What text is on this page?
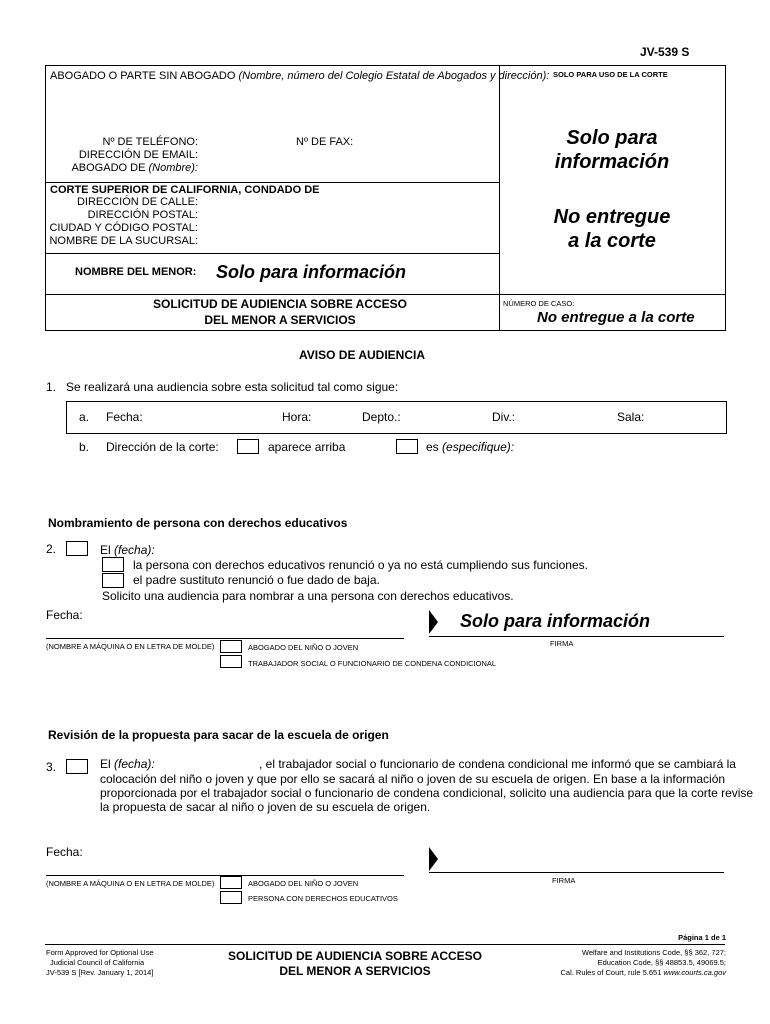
JV-539 S
ABOGADO O PARTE SIN ABOGADO (Nombre, número del Colegio Estatal de Abogados y dirección): SOLO PARA USO DE LA CORTE
Nº DE TELÉFONO:	Nº DE FAX:
DIRECCIÓN DE EMAIL:
ABOGADO DE (Nombre):
Solo para
información
CORTE SUPERIOR DE CALIFORNIA, CONDADO DE
DIRECCIÓN DE CALLE:
DIRECCIÓN POSTAL:
CIUDAD Y CÓDIGO POSTAL:
NOMBRE DE LA SUCURSAL:
No entregue
a la corte
NOMBRE DEL MENOR: Solo para información
SOLICITUD DE AUDIENCIA SOBRE ACCESO
DEL MENOR A SERVICIOS
NÚMERO DE CASO:
No entregue a la corte
AVISO DE AUDIENCIA
1. Se realizará una audiencia sobre esta solicitud tal como sigue:
a. Fecha:	Hora:	Depto.:	Div.:	Sala:
b. Dirección de la corte:	aparece arriba	es (especifique):
Nombramiento de persona con derechos educativos
2.	El (fecha):
la persona con derechos educativos renunció o ya no está cumpliendo sus funciones.
el padre sustituto renunció o fue dado de baja.
Solicito una audiencia para nombrar a una persona con derechos educativos.
Fecha:	Solo para información
(NOMBRE A MÁQUINA O EN LETRA DE MOLDE)	ABOGADO DEL NIÑO O JOVEN
TRABAJADOR SOCIAL O FUNCIONARIO DE CONDENA CONDICIONAL
FIRMA
Revisión de la propuesta para sacar de la escuela de origen
3.	El (fecha):	, el trabajador social o funcionario de condena condicional me informó que se cambiará la
colocación del niño o joven y que por ello se sacará al niño o joven de su escuela de origen. En base a la información
proporcionada por el trabajador social o funcionario de condena condicional, solicito una audiencia para que la corte revise
la propuesta de sacar al niño o joven de su escuela de origen.
Fecha:
(NOMBRE A MÁQUINA O EN LETRA DE MOLDE)	ABOGADO DEL NIÑO O JOVEN
PERSONA CON DERECHOS EDUCATIVOS
FIRMA
Página 1 de 1
Form Approved for Optional Use
Judicial Council of California
JV-539 S [Rev. January 1, 2014]
SOLICITUD DE AUDIENCIA SOBRE ACCESO
DEL MENOR A SERVICIOS
Welfare and Institutions Code, §§ 362, 727;
Education Code, §§ 48853.5, 49069.5;
Cal. Rules of Court, rule 5.651 www.courts.ca.gov
